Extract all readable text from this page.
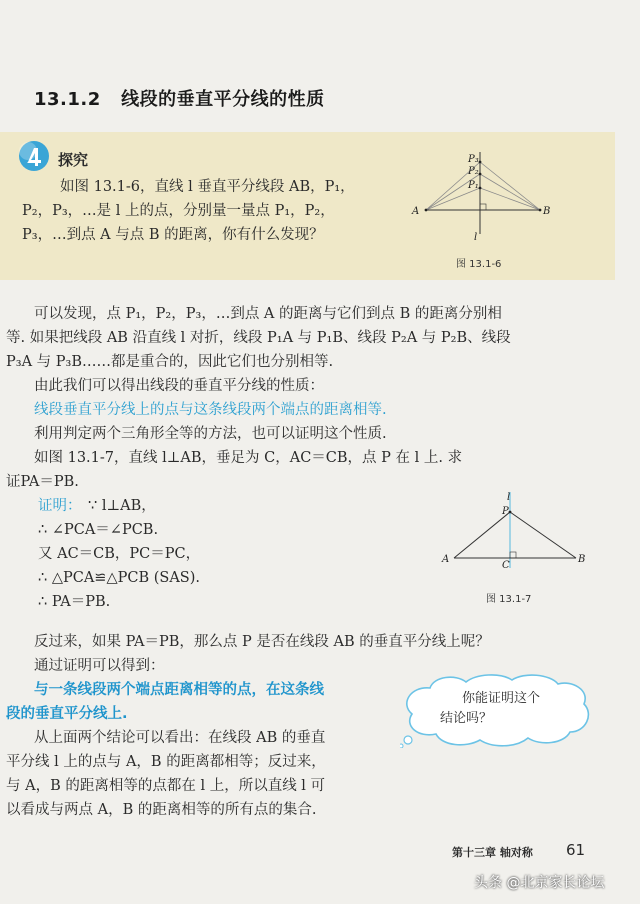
13.1.2 线段的垂直平分线的性质
探究
如图 13.1-6，直线 l 垂直平分线段 AB，P₁，
P₂，P₃，…是 l 上的点，分别量一量点 P₁，P₂，
P₃，…到点 A 与点 B 的距离，你有什么发现？
P₃
P₂
P₁
A	B
l
图 13.1-6
可以发现，点 P₁，P₂，P₃，…到点 A 的距离与它们到点 B 的距离分别相
等. 如果把线段 AB 沿直线 l 对折，线段 P₁A 与 P₁B、线段 P₂A 与 P₂B、线段
P₃A 与 P₃B……都是重合的，因此它们也分别相等.
由此我们可以得出线段的垂直平分线的性质：
线段垂直平分线上的点与这条线段两个端点的距离相等.
利用判定两个三角形全等的方法，也可以证明这个性质.
如图 13.1-7，直线 l⊥AB，垂足为 C，AC＝CB，点 P 在 l 上. 求
证PA＝PB.
证明： ∵ l⊥AB，
∴ ∠PCA＝∠PCB.
又 AC＝CB，PC＝PC，
∴ △PCA≌△PCB (SAS).
∴ PA＝PB.
l
P
A	B
C
图 13.1-7
反过来，如果 PA＝PB，那么点 P 是否在线段 AB 的垂直平分线上呢？
通过证明可以得到：
与一条线段两个端点距离相等的点，在这条线
段的垂直平分线上.
从上面两个结论可以看出：在线段 AB 的垂直
平分线 l 上的点与 A，B 的距离都相等；反过来，
与 A，B 的距离相等的点都在 l 上，所以直线 l 可
以看成与两点 A，B 的距离相等的所有点的集合.
你能证明这个
结论吗？
第十三章 轴对称 61
头条 @北京家长论坛
